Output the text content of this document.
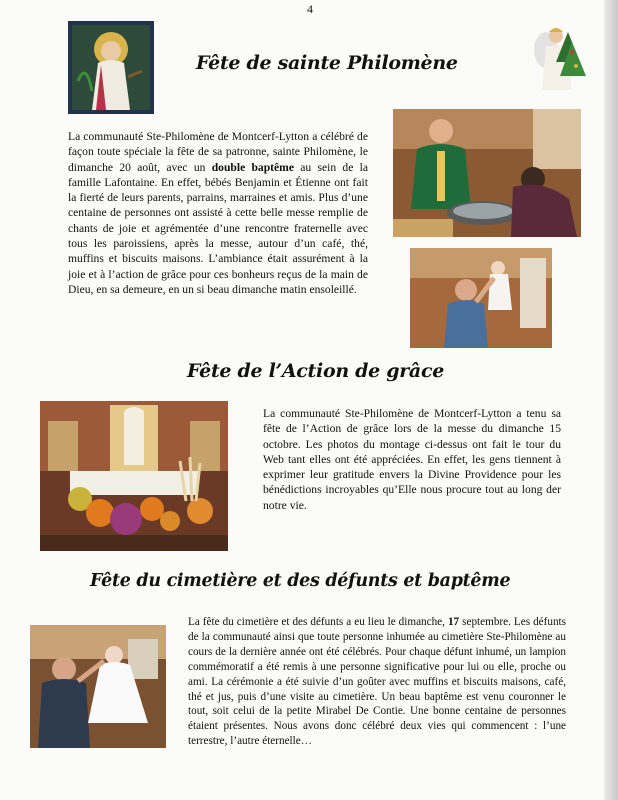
4
Fête de sainte Philomène

La communauté Ste-Philomène de Montcerf-Lytton a célébré de façon toute spéciale la fête de sa patronne, sainte Philomène, le dimanche 20 août, avec un double baptême au sein de la famille Lafontaine. En effet, bébés Benjamin et Étienne ont fait la fierté de leurs parents, parrains, marraines et amis. Plus d’une centaine de personnes ont assisté à cette belle messe remplie de chants de joie et agrémentée d’une rencontre fraternelle avec tous les paroissiens, après la messe, autour d’un café, thé, muffins et biscuits maisons. L’ambiance était assurément à la joie et à l’action de grâce pour ces bonheurs reçus de la main de Dieu, en sa demeure, en un si beau dimanche matin ensoleillé.

Fête de l’Action de grâce

La communauté Ste-Philomène de Montcerf-Lytton a tenu sa fête de l’Action de grâce lors de la messe du dimanche 15 octobre. Les photos du montage ci-dessus ont fait le tour du Web tant elles ont été appréciées. En effet, les gens tiennent à exprimer leur gratitude envers la Divine Providence pour les bénédictions incroyables qu’Elle nous procure tout au long der notre vie.

Fête du cimetière et des défunts et baptême

La fête du cimetière et des défunts a eu lieu le dimanche, 17 septembre. Les défunts de la communauté ainsi que toute personne inhumée au cimetière Ste-Philomène au cours de la dernière année ont été célébrés. Pour chaque défunt inhumé, un lampion commémoratif a été remis à une personne significative pour lui ou elle, proche ou ami. La cérémonie a été suivie d’un goûter avec muffins et biscuits maisons, café, thé et jus, puis d’une visite au cimetière. Un beau baptême est venu couronner le tout, soit celui de la petite Mirabel De Contie. Une bonne centaine de personnes étaient présentes. Nous avons donc célébré deux vies qui commencent : l’une terrestre, l’autre éternelle…
